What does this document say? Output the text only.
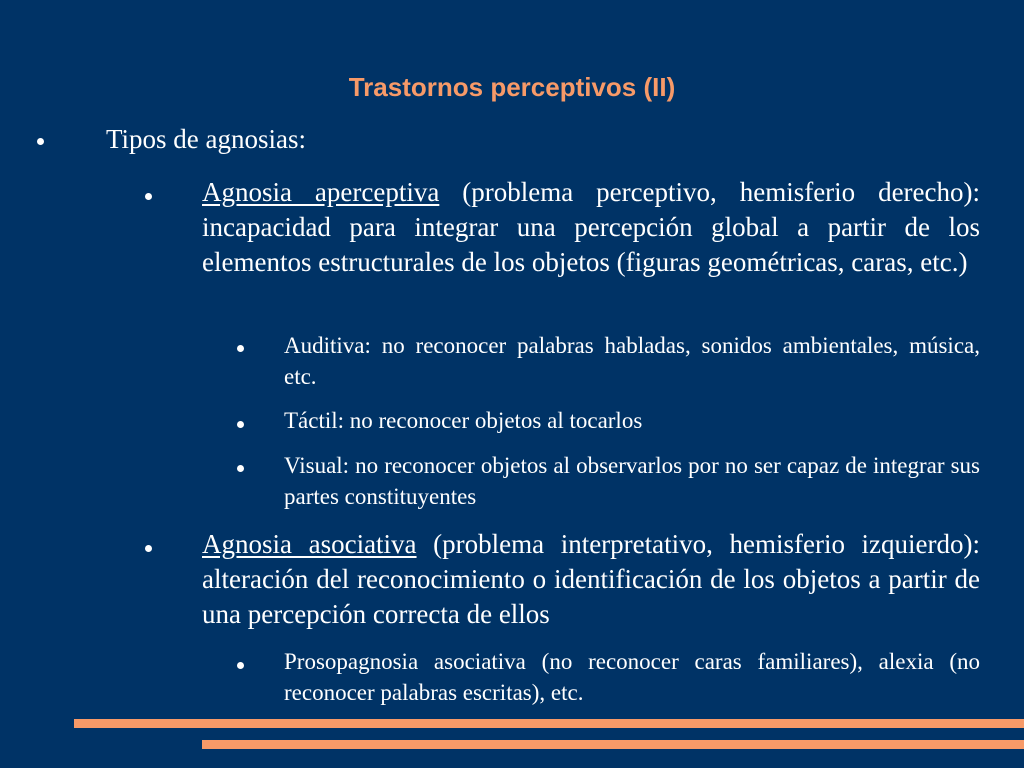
Trastornos perceptivos (II)
Tipos de agnosias:
Agnosia aperceptiva (problema perceptivo, hemisferio derecho): incapacidad para integrar una percepción global a partir de los elementos estructurales de los objetos (figuras geométricas, caras, etc.)
Auditiva: no reconocer palabras habladas, sonidos ambientales, música, etc.
Táctil: no reconocer objetos al tocarlos
Visual: no reconocer objetos al observarlos por no ser capaz de integrar sus partes constituyentes
Agnosia asociativa (problema interpretativo, hemisferio izquierdo): alteración del reconocimiento o identificación de los objetos a partir de una percepción correcta de ellos
Prosopagnosia asociativa (no reconocer caras familiares), alexia (no reconocer palabras escritas), etc.
